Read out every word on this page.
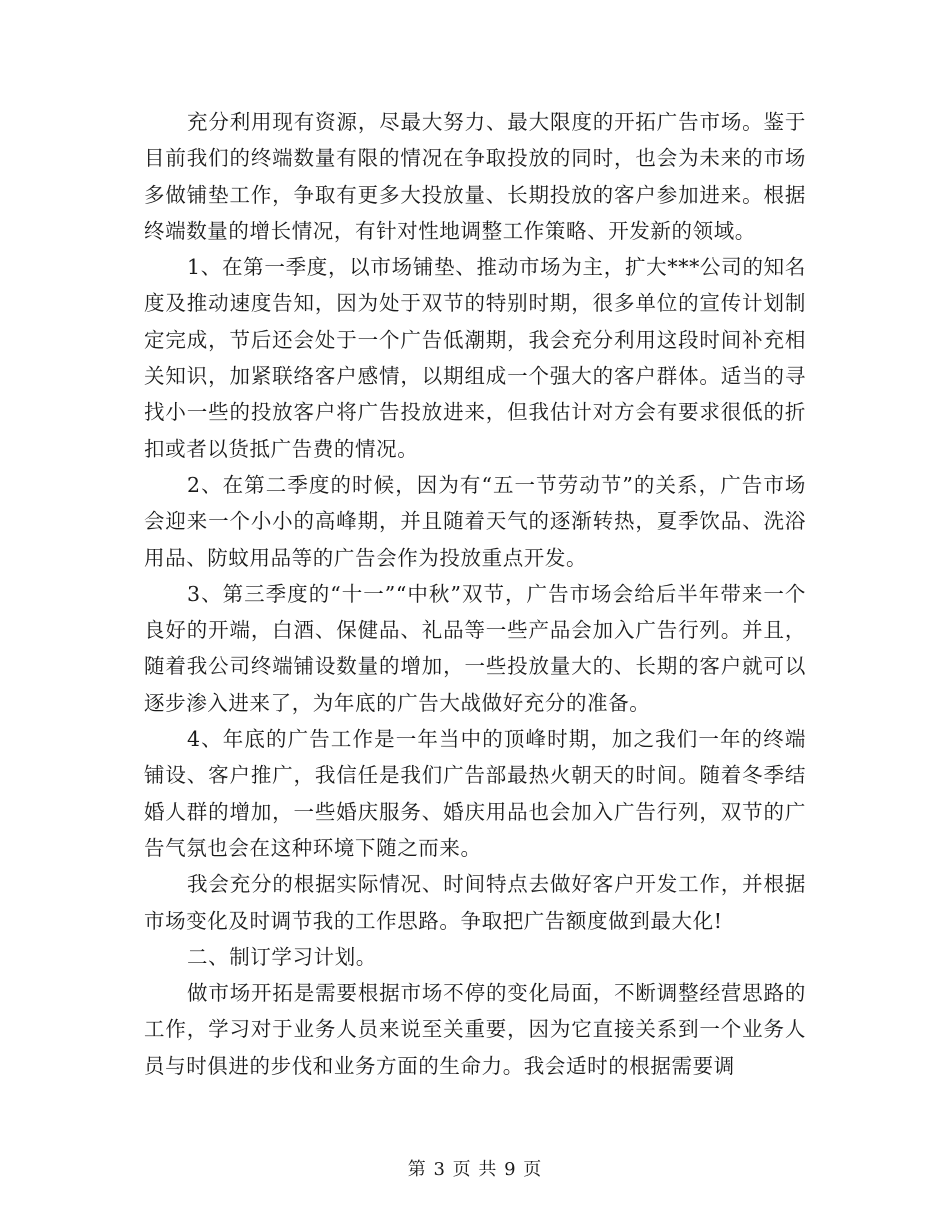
充分利用现有资源，尽最大努力、最大限度的开拓广告市场。鉴于目前我们的终端数量有限的情况在争取投放的同时，也会为未来的市场多做铺垫工作，争取有更多大投放量、长期投放的客户参加进来。根据终端数量的增长情况，有针对性地调整工作策略、开发新的领域。

1、在第一季度，以市场铺垫、推动市场为主，扩大***公司的知名度及推动速度告知，因为处于双节的特别时期，很多单位的宣传计划制定完成，节后还会处于一个广告低潮期，我会充分利用这段时间补充相关知识，加紧联络客户感情，以期组成一个强大的客户群体。适当的寻找小一些的投放客户将广告投放进来，但我估计对方会有要求很低的折扣或者以货抵广告费的情况。

2、在第二季度的时候，因为有“五一节劳动节”的关系，广告市场会迎来一个小小的高峰期，并且随着天气的逐渐转热，夏季饮品、洗浴用品、防蚊用品等的广告会作为投放重点开发。

3、第三季度的“十一”“中秋”双节，广告市场会给后半年带来一个良好的开端，白酒、保健品、礼品等一些产品会加入广告行列。并且，随着我公司终端铺设数量的增加，一些投放量大的、长期的客户就可以逐步渗入进来了，为年底的广告大战做好充分的准备。

4、年底的广告工作是一年当中的顶峰时期，加之我们一年的终端铺设、客户推广，我信任是我们广告部最热火朝天的时间。随着冬季结婚人群的增加，一些婚庆服务、婚庆用品也会加入广告行列，双节的广告气氛也会在这种环境下随之而来。

我会充分的根据实际情况、时间特点去做好客户开发工作，并根据市场变化及时调节我的工作思路。争取把广告额度做到最大化!

二、制订学习计划。

做市场开拓是需要根据市场不停的变化局面，不断调整经营思路的工作，学习对于业务人员来说至关重要，因为它直接关系到一个业务人员与时俱进的步伐和业务方面的生命力。我会适时的根据需要调

第 3 页 共 9 页
